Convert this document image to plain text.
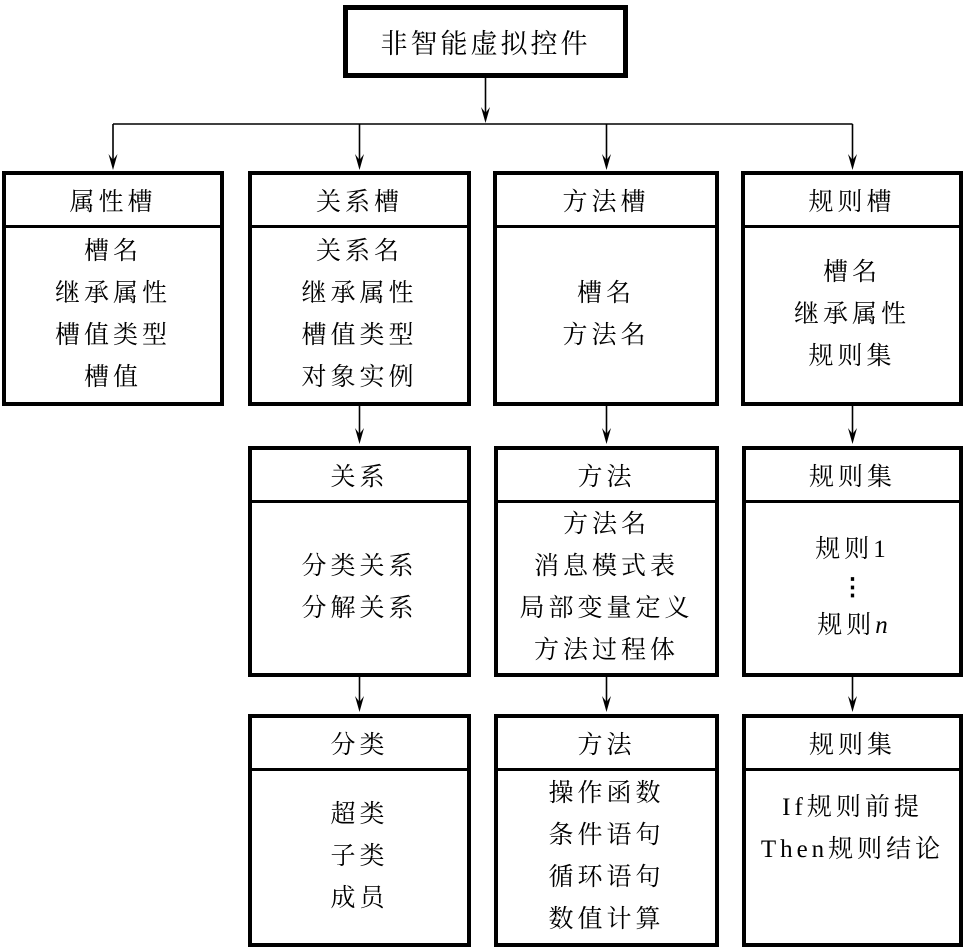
非智能虚拟控件
属性槽
槽名
继承属性
槽值类型
槽值
关系槽
关系名
继承属性
槽值类型
对象实例
方法槽
槽名
方法名
规则槽
槽名
继承属性
规则集
关系
分类关系
分解关系
方法
方法名
消息模式表
局部变量定义
方法过程体
规则集
规则1
⋮
规则n
分类
超类
子类
成员
方法
操作函数
条件语句
循环语句
数值计算
规则集
If规则前提
Then规则结论
